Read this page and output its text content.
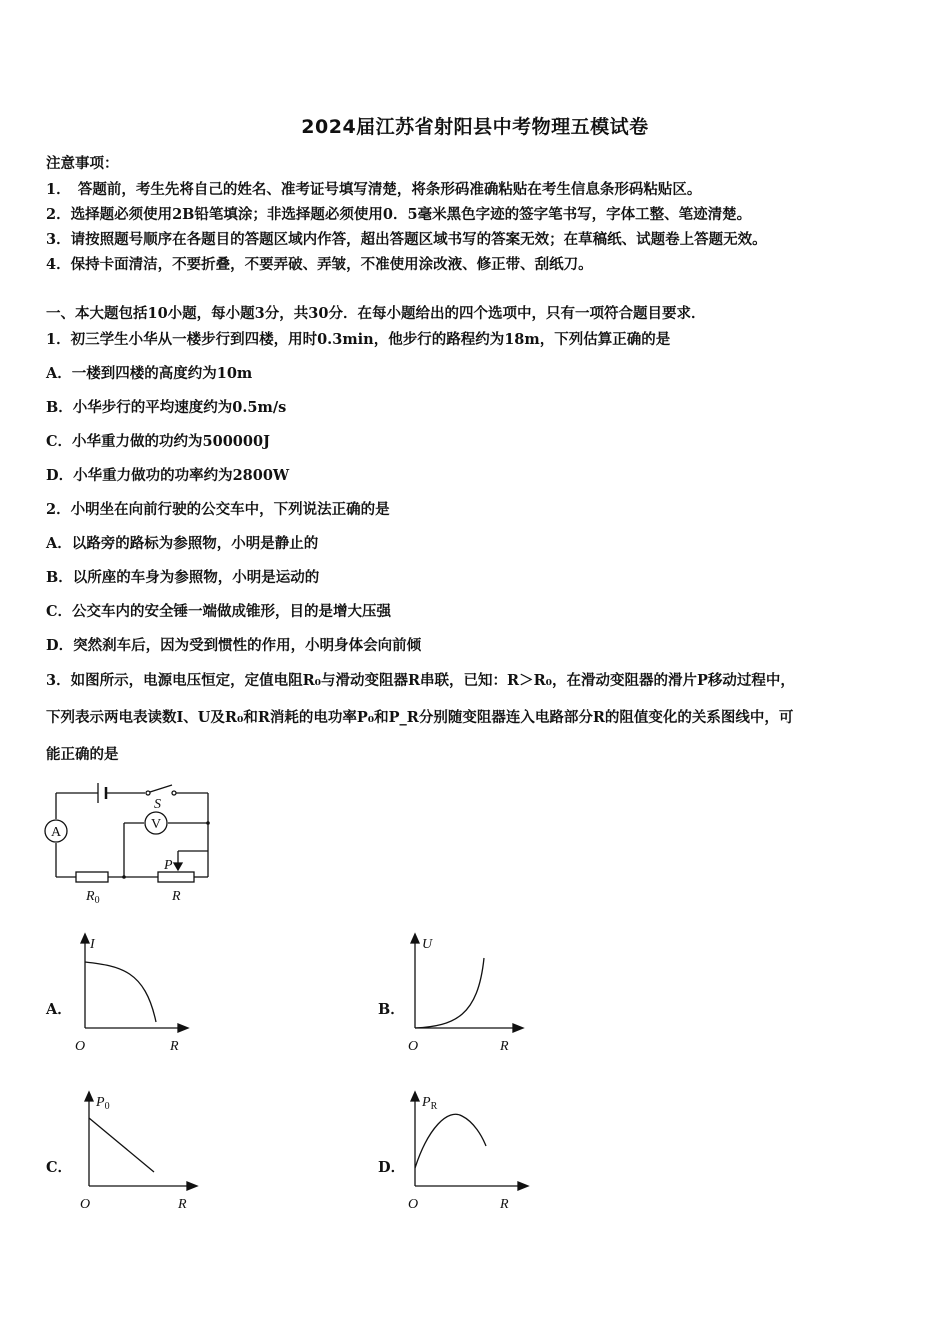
2024届江苏省射阳县中考物理五模试卷
注意事项：
1．　答题前，考生先将自己的姓名、准考证号填写清楚，将条形码准确粘贴在考生信息条形码粘贴区。
2．选择题必须使用2B铅笔填涂；非选择题必须使用0．5毫米黑色字迹的签字笔书写，字体工整、笔迹清楚。
3．请按照题号顺序在各题目的答题区域内作答，超出答题区域书写的答案无效；在草稿纸、试题卷上答题无效。
4．保持卡面清洁，不要折叠，不要弄破、弄皱，不准使用涂改液、修正带、刮纸刀。
一、本大题包括10小题，每小题3分，共30分．在每小题给出的四个选项中，只有一项符合题目要求．
1．初三学生小华从一楼步行到四楼，用时0.3min，他步行的路程约为18m，下列估算正确的是
A．一楼到四楼的高度约为10m
B．小华步行的平均速度约为0.5m/s
C．小华重力做的功约为500000J
D．小华重力做功的功率约为2800W
2．小明坐在向前行驶的公交车中，下列说法正确的是
A．以路旁的路标为参照物，小明是静止的
B．以所座的车身为参照物，小明是运动的
C．公交车内的安全锤一端做成锥形，目的是增大压强
D．突然刹车后，因为受到惯性的作用，小明身体会向前倾
3．如图所示，电源电压恒定，定值电阻R₀与滑动变阻器R串联，已知：R＞R₀，在滑动变阻器的滑片P移动过程中，
下列表示两电表读数I、U及R₀和R消耗的电功率P₀和P_R分别随变阻器连入电路部分R的阻值变化的关系图线中，可
能正确的是
A
V
S
P
$R_0$	R
A．
I
R
O
B．
U
R
O
C．
$P_0$
R
O
D．
$P_R$
R
O
